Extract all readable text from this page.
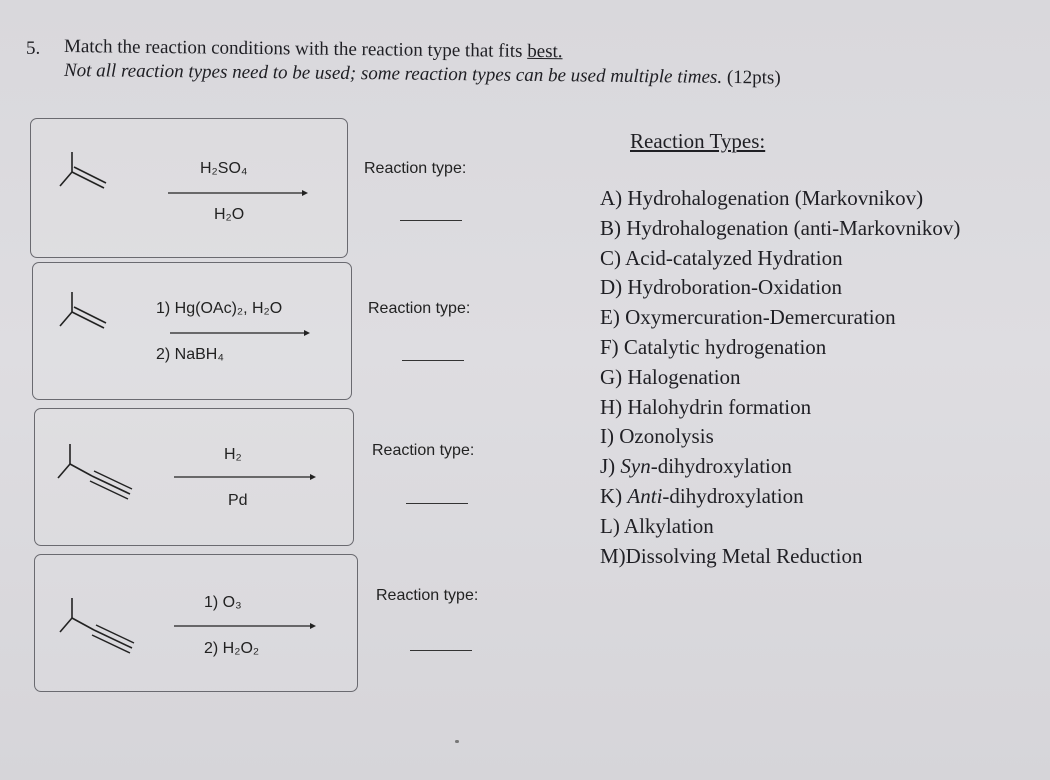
5. Match the reaction conditions with the reaction type that fits best.
Not all reaction types need to be used; some reaction types can be used multiple times. (12pts)
H₂SO₄
H₂O
Reaction type:
1) Hg(OAc)₂, H₂O
2) NaBH₄
Reaction type:
H₂
Pd
Reaction type:
1) O₃
2) H₂O₂
Reaction type:
Reaction Types:
A) Hydrohalogenation (Markovnikov)
B) Hydrohalogenation (anti-Markovnikov)
C) Acid-catalyzed Hydration
D) Hydroboration-Oxidation
E) Oxymercuration-Demercuration
F) Catalytic hydrogenation
G) Halogenation
H) Halohydrin formation
I) Ozonolysis
J) Syn-dihydroxylation
K) Anti-dihydroxylation
L) Alkylation
M)Dissolving Metal Reduction
